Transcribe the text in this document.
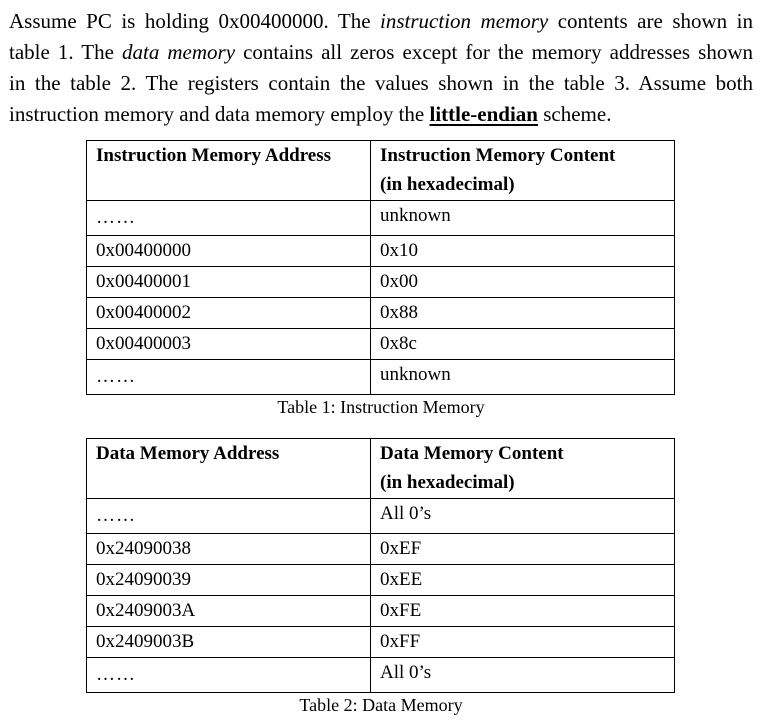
Assume PC is holding 0x00400000. The instruction memory contents are shown in
table 1. The data memory contains all zeros except for the memory addresses shown
in the table 2. The registers contain the values shown in the table 3. Assume both
instruction memory and data memory employ the little-endian scheme.
Instruction Memory Address	Instruction Memory Content
(in hexadecimal)
……	unknown
0x00400000	0x10
0x00400001	0x00
0x00400002	0x88
0x00400003	0x8c
……	unknown
Table 1: Instruction Memory
Data Memory Address	Data Memory Content
(in hexadecimal)
……	All 0’s
0x24090038	0xEF
0x24090039	0xEE
0x2409003A	0xFE
0x2409003B	0xFF
……	All 0’s
Table 2: Data Memory
